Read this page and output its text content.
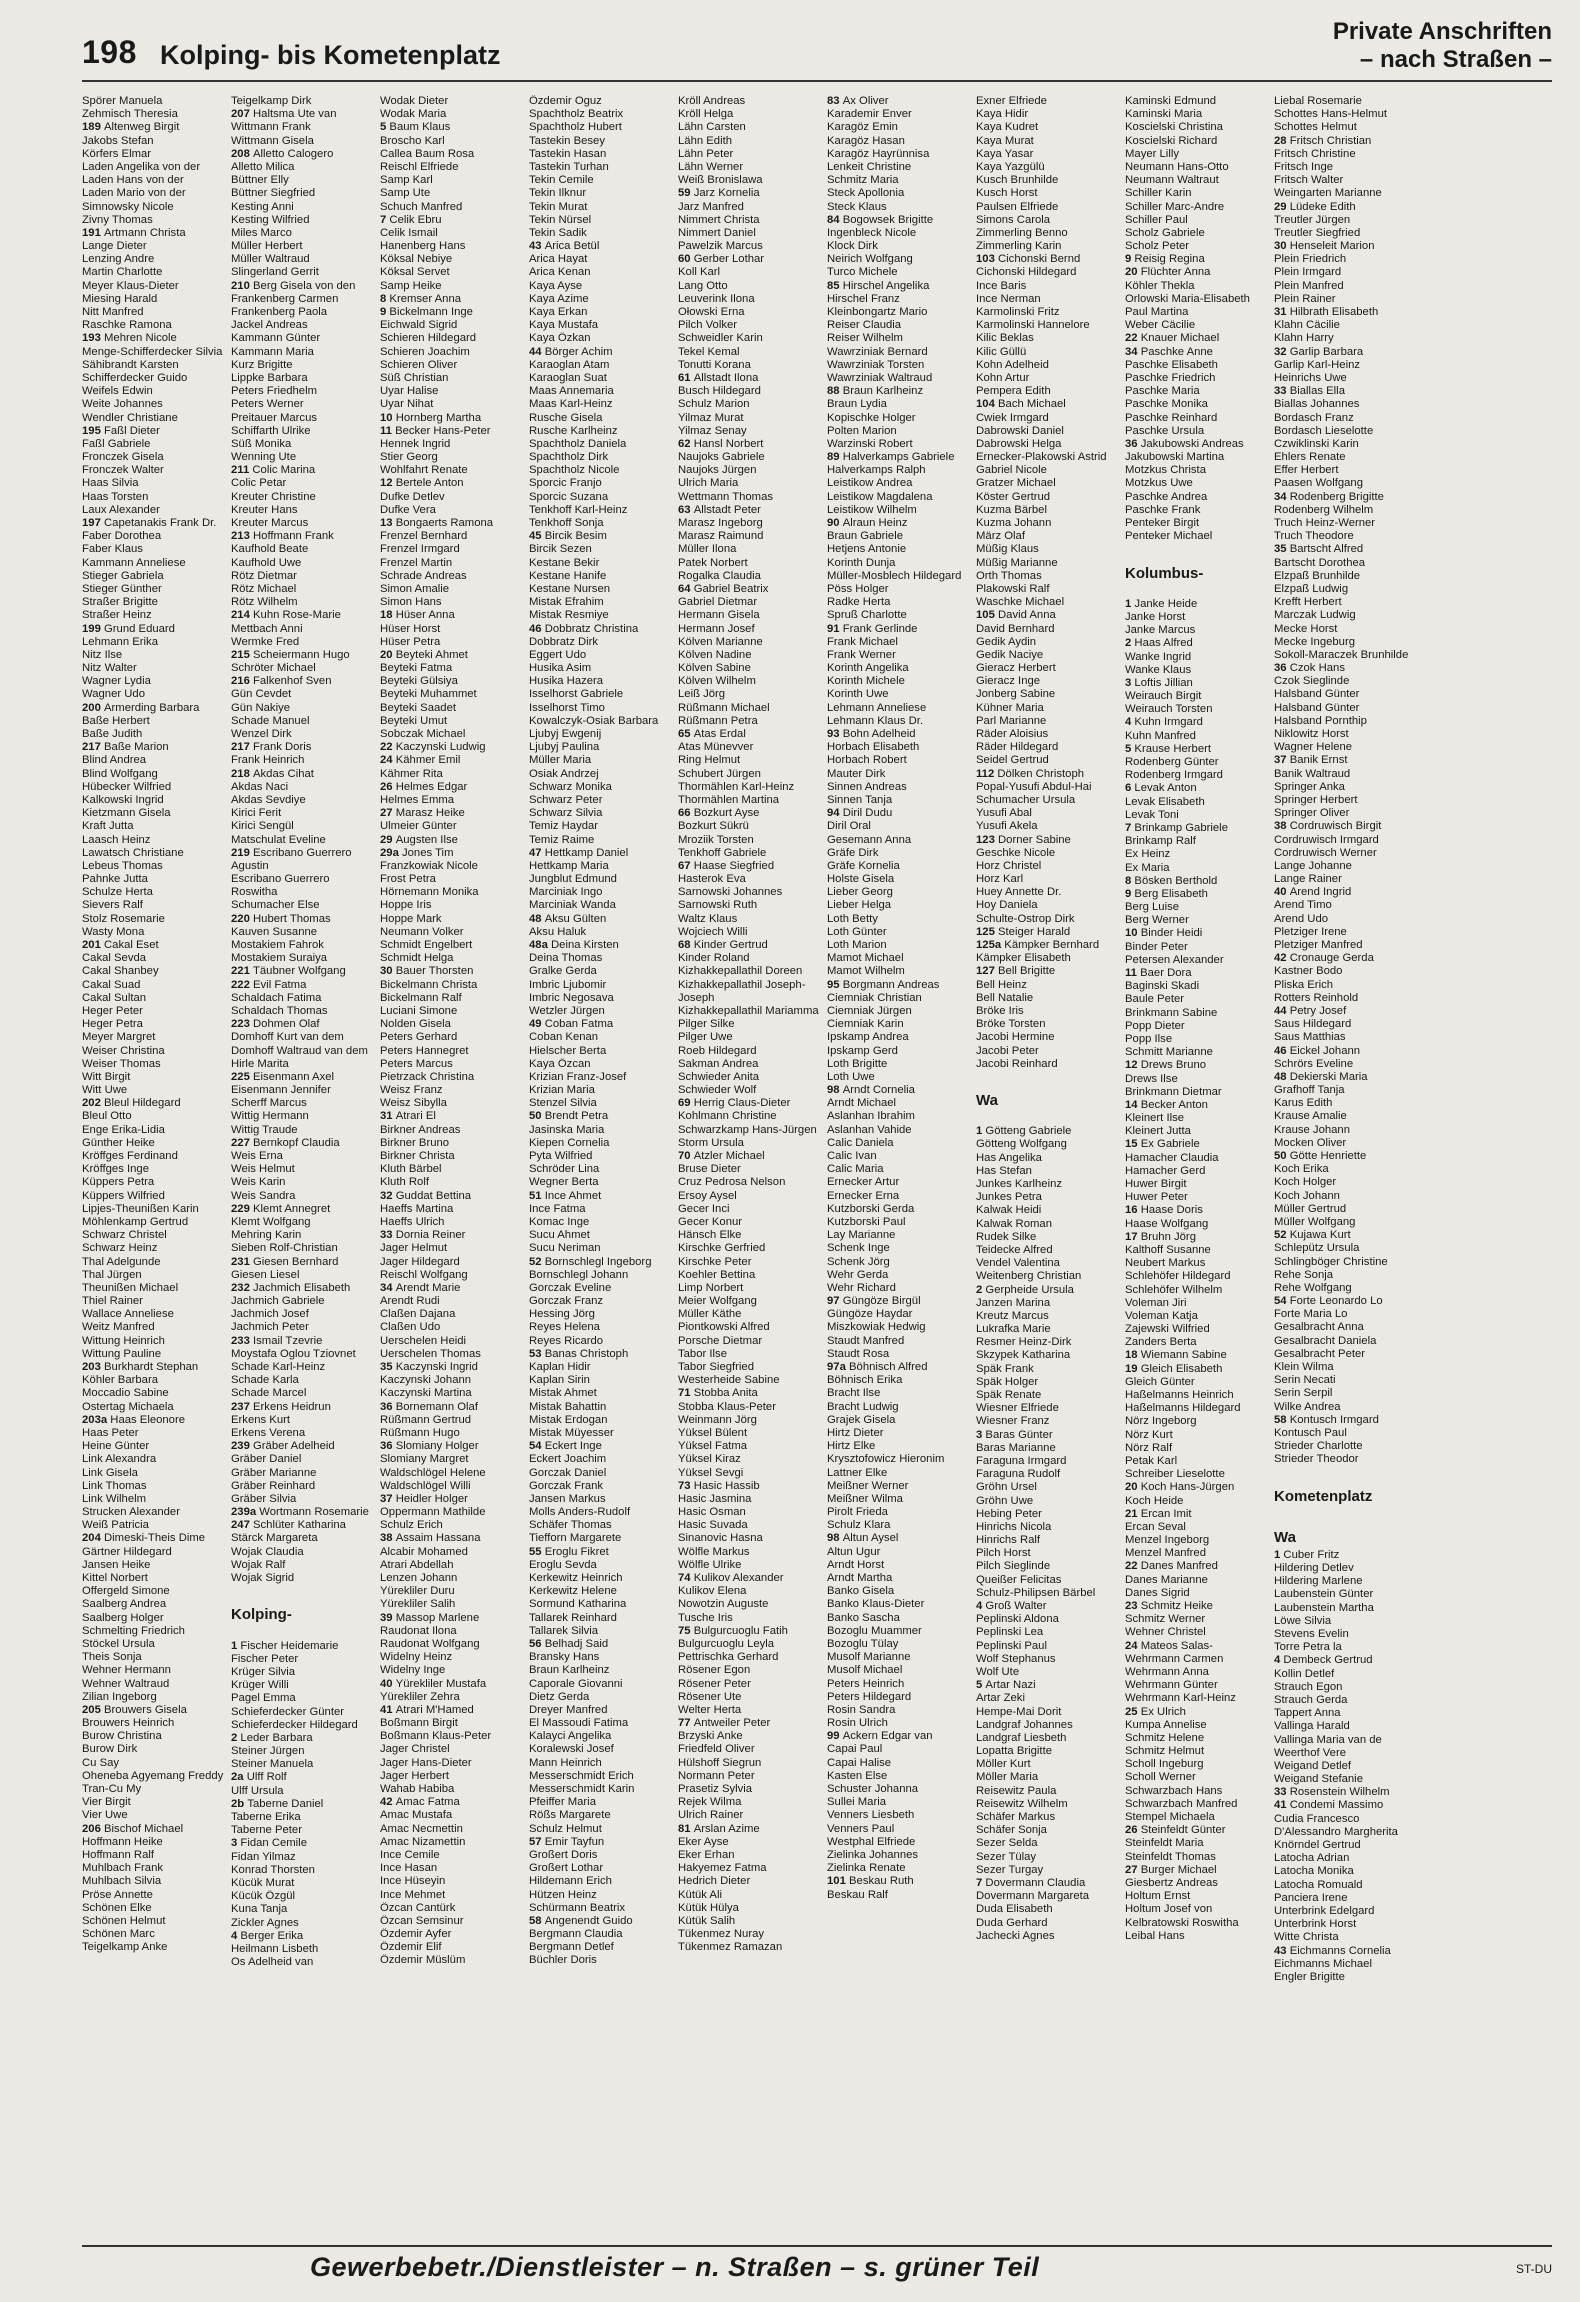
198 Kolping- bis Kometenplatz
Private Anschriften
– nach Straßen –
Spörer Manuela
Zehmisch Theresia
189 Altenweg Birgit
Jakobs Stefan
Körfers Elmar
Laden Angelika von der
Laden Hans von der
Laden Mario von der
Simnowsky Nicole
Zivny Thomas
191 Artmann Christa
Lange Dieter
Lenzing Andre
Martin Charlotte
Meyer Klaus-Dieter
Miesing Harald
Nitt Manfred
Raschke Ramona
193 Mehren Nicole
Menge-Schifferdecker Silvia
Sähibrandt Karsten
Schifferdecker Guido
Weifels Edwin
Weite Johannes
Wendler Christiane
195 Faßl Dieter
Faßl Gabriele
Fronczek Gisela
Fronczek Walter
Haas Silvia
Haas Torsten
Laux Alexander
197 Capetanakis Frank Dr.
Faber Dorothea
Faber Klaus
Kammann Anneliese
Stieger Gabriela
Stieger Günther
Straßer Brigitte
Straßer Heinz
199 Grund Eduard
Lehmann Erika
Nitz Ilse
Nitz Walter
Wagner Lydia
Wagner Udo
200 Armerding Barbara
Baße Herbert
Baße Judith
217 Baße Marion
Blind Andrea
Blind Wolfgang
Hübecker Wilfried
Kalkowski Ingrid
Kietzmann Gisela
Kraft Jutta
Laasch Heinz
Lawatsch Christiane
Lebeus Thomas
Pahnke Jutta
Schulze Herta
Sievers Ralf
Stolz Rosemarie
Wasty Mona
201 Cakal Eset
Cakal Sevda
Cakal Shanbey
Cakal Suad
Cakal Sultan
Heger Peter
Heger Petra
Meyer Margret
Weiser Christina
Weiser Thomas
Witt Birgit
Witt Uwe
202 Bleul Hildegard
Bleul Otto
Enge Erika-Lidia
Günther Heike
Kröffges Ferdinand
Kröffges Inge
Küppers Petra
Küppers Wilfried
Lipjes-Theunißen Karin
Möhlenkamp Gertrud
Schwarz Christel
Schwarz Heinz
Thal Adelgunde
Thal Jürgen
Theunißen Michael
Thiel Rainer
Wallace Anneliese
Weitz Manfred
Wittung Heinrich
Wittung Pauline
203 Burkhardt Stephan
Köhler Barbara
Moccadio Sabine
Ostertag Michaela
203a Haas Eleonore
Haas Peter
Heine Günter
Link Alexandra
Link Gisela
Link Thomas
Link Wilhelm
Strucken Alexander
Weiß Patricia
204 Dimeski-Theis Dime
Gärtner Hildegard
Jansen Heike
Kittel Norbert
Offergeld Simone
Saalberg Andrea
Saalberg Holger
Schmelting Friedrich
Stöckel Ursula
Theis Sonja
Wehner Hermann
Wehner Waltraud
Zilian Ingeborg
205 Brouwers Gisela
Brouwers Heinrich
Burow Christina
Burow Dirk
Cu Say
Oheneba Agyemang Freddy
Tran-Cu My
Vier Birgit
Vier Uwe
206 Bischof Michael
Hoffmann Heike
Hoffmann Ralf
Muhlbach Frank
Muhlbach Silvia
Pröse Annette
Schönen Elke
Schönen Helmut
Schönen Marc
Teigelkamp Anke
Teigelkamp Dirk
207 Haltsma Ute van
Wittmann Frank
Wittmann Gisela
208 Alletto Calogero
Alletto Milica
Büttner Elly
Büttner Siegfried
Kesting Anni
Kesting Wilfried
Miles Marco
Müller Herbert
Müller Waltraud
Slingerland Gerrit
210 Berg Gisela von den
Frankenberg Carmen
Frankenberg Paola
Jackel Andreas
Kammann Günter
Kammann Maria
Kurz Brigitte
Lippke Barbara
Peters Friedhelm
Peters Werner
Preitauer Marcus
Schiffarth Ulrike
Süß Monika
Wenning Ute
211 Colic Marina
Colic Petar
Kreuter Christine
Kreuter Hans
Kreuter Marcus
213 Hoffmann Frank
Kaufhold Beate
Kaufhold Uwe
Rötz Dietmar
Rötz Michael
Rötz Wilhelm
214 Kuhn Rose-Marie
Mettbach Anni
Wermke Fred
215 Scheiermann Hugo
Schröter Michael
216 Falkenhof Sven
Gün Cevdet
Gün Nakiye
Schade Manuel
Wenzel Dirk
217 Frank Doris
Frank Heinrich
218 Akdas Cihat
Akdas Naci
Akdas Sevdiye
Kirici Ferit
Kirici Sengül
Matschulat Eveline
219 Escribano Guerrero
Agustin
Escribano Guerrero
Roswitha
Schumacher Else
220 Hubert Thomas
Kauven Susanne
Mostakiem Fahrok
Mostakiem Suraiya
221 Täubner Wolfgang
222 Evil Fatma
Schaldach Fatima
Schaldach Thomas
223 Dohmen Olaf
Domhoff Kurt van dem
Domhoff Waltraud van dem
Hirle Marita
225 Eisenmann Axel
Eisenmann Jennifer
Scherff Marcus
Wittig Hermann
Wittig Traude
227 Bernkopf Claudia
Weis Erna
Weis Helmut
Weis Karin
Weis Sandra
229 Klemt Annegret
Klemt Wolfgang
Mehring Karin
Sieben Rolf-Christian
231 Giesen Bernhard
Giesen Liesel
232 Jachmich Elisabeth
Jachmich Gabriele
Jachmich Josef
Jachmich Peter
233 Ismail Tzevrie
Moystafa Oglou Tziovnet
Schade Karl-Heinz
Schade Karla
Schade Marcel
237 Erkens Heidrun
Erkens Kurt
Erkens Verena
239 Gräber Adelheid
Gräber Daniel
Gräber Marianne
Gräber Reinhard
Gräber Silvia
239a Wortmann Rosemarie
247 Schlüter Katharina
Stärck Margareta
Wojak Claudia
Wojak Ralf
Wojak Sigrid
Kolping-
1 Fischer Heidemarie
Fischer Peter
Krüger Silvia
Krüger Willi
Pagel Emma
Schieferdecker Günter
Schieferdecker Hildegard
2 Leder Barbara
Steiner Jürgen
Steiner Manuela
2a Ulff Rolf
Ulff Ursula
2b Taberne Daniel
Taberne Erika
Taberne Peter
3 Fidan Cemile
Fidan Yilmaz
Konrad Thorsten
Kücük Murat
Kücük Özgül
Kuna Tanja
Zickler Agnes
4 Berger Erika
Heilmann Lisbeth
Os Adelheid van
Wodak Dieter
Wodak Maria
5 Baum Klaus
Broscho Karl
Callea Baum Rosa
Reischl Elfriede
Samp Karl
Samp Ute
Schuch Manfred
7 Celik Ebru
Celik Ismail
Hanenberg Hans
Köksal Nebiye
Köksal Servet
Samp Heike
8 Kremser Anna
9 Bickelmann Inge
Eichwald Sigrid
Schieren Hildegard
Schieren Joachim
Schieren Oliver
Süß Christian
Uyar Halise
Uyar Nihat
10 Hornberg Martha
11 Becker Hans-Peter
Hennek Ingrid
Stier Georg
Wohlfahrt Renate
12 Bertele Anton
Dufke Detlev
Dufke Vera
13 Bongaerts Ramona
Frenzel Bernhard
Frenzel Irmgard
Frenzel Martin
Schrade Andreas
Simon Amalie
Simon Hans
18 Hüser Anna
Hüser Horst
Hüser Petra
20 Beyteki Ahmet
Beyteki Fatma
Beyteki Gülsiya
Beyteki Muhammet
Beyteki Saadet
Beyteki Umut
Sobczak Michael
22 Kaczynski Ludwig
24 Kähmer Emil
Kähmer Rita
26 Helmes Edgar
Helmes Emma
27 Marasz Heike
Ulmeier Günter
29 Augsten Ilse
29a Jones Tim
Franzkowiak Nicole
Frost Petra
Hörnemann Monika
Hoppe Iris
Hoppe Mark
Neumann Volker
Schmidt Engelbert
Schmidt Helga
30 Bauer Thorsten
Bickelmann Christa
Bickelmann Ralf
Luciani Simone
Nolden Gisela
Peters Gerhard
Peters Hannegret
Peters Marcus
Pietrzack Christina
Weisz Franz
Weisz Sibylla
31 Atrari El
Birkner Andreas
Birkner Bruno
Birkner Christa
Kluth Bärbel
Kluth Rolf
32 Guddat Bettina
Haeffs Martina
Haeffs Ulrich
33 Dornia Reiner
Jager Helmut
Jager Hildegard
Reischl Wolfgang
34 Arendt Marie
Arendt Rudi
Claßen Dajana
Claßen Udo
Uerschelen Heidi
Uerschelen Thomas
35 Kaczynski Ingrid
Kaczynski Johann
Kaczynski Martina
36 Bornemann Olaf
Rüßmann Gertrud
Rüßmann Hugo
36 Slomiany Holger
Slomiany Margret
Waldschlögel Helene
Waldschlögel Willi
37 Heidler Holger
Oppermann Mathilde
Schulz Erich
38 Assaim Hassana
Alcabir Mohamed
Atrari Abdellah
Lenzen Johann
Yürekliler Duru
Yürekliler Salih
39 Massop Marlene
Raudonat Ilona
Raudonat Wolfgang
Widelny Heinz
Widelny Inge
40 Yürekliler Mustafa
Yürekliler Zehra
41 Atrari M'Hamed
Boßmann Birgit
Boßmann Klaus-Peter
Jager Christel
Jager Hans-Dieter
Jager Herbert
Wahab Habiba
42 Amac Fatma
Amac Mustafa
Amac Necmettin
Amac Nizamettin
Ince Cemile
Ince Hasan
Ince Hüseyin
Ince Mehmet
Özcan Cantürk
Özcan Semsinur
Özdemir Ayfer
Özdemir Elif
Özdemir Müslüm
Özdemir Oguz
Spachtholz Beatrix
Spachtholz Hubert
Tastekin Besey
Tastekin Hasan
Tastekin Turhan
Tekin Cemile
Tekin Ilknur
Tekin Murat
Tekin Nürsel
Tekin Sadik
43 Arica Betül
Arica Hayat
Arica Kenan
Kaya Ayse
Kaya Azime
Kaya Erkan
Kaya Mustafa
Kaya Özkan
44 Börger Achim
Karaoglan Atam
Karaoglan Suat
Maas Annemaria
Maas Karl-Heinz
Rusche Gisela
Rusche Karlheinz
Spachtholz Daniela
Spachtholz Dirk
Spachtholz Nicole
Sporcic Franjo
Sporcic Suzana
Tenkhoff Karl-Heinz
Tenkhoff Sonja
45 Bircik Besim
Bircik Sezen
Kestane Bekir
Kestane Hanife
Kestane Nursen
Mistak Efrahim
Mistak Resmiye
46 Dobbratz Christina
Dobbratz Dirk
Eggert Udo
Husika Asim
Husika Hazera
Isselhorst Gabriele
Isselhorst Timo
Kowalczyk-Osiak Barbara
Ljubyj Ewgenij
Ljubyj Paulina
Müller Maria
Osiak Andrzej
Schwarz Monika
Schwarz Peter
Schwarz Silvia
Temiz Haydar
Temiz Raime
47 Hettkamp Daniel
Hettkamp Maria
Jungblut Edmund
Marciniak Ingo
Marciniak Wanda
48 Aksu Gülten
Aksu Haluk
48a Deina Kirsten
Deina Thomas
Gralke Gerda
Imbric Ljubomir
Imbric Negosava
Wetzler Jürgen
49 Coban Fatma
Coban Kenan
Hielscher Berta
Kaya Özcan
Krizian Franz-Josef
Krizian Maria
Stenzel Silvia
50 Brendt Petra
Jasinska Maria
Kiepen Cornelia
Pyta Wilfried
Schröder Lina
Wegner Berta
51 Ince Ahmet
Ince Fatma
Komac Inge
Sucu Ahmet
Sucu Neriman
52 Bornschlegl Ingeborg
Bornschlegl Johann
Gorczak Eveline
Gorczak Franz
Hessing Jörg
Reyes Helena
Reyes Ricardo
53 Banas Christoph
Kaplan Hidir
Kaplan Sirin
Mistak Ahmet
Mistak Bahattin
Mistak Erdogan
Mistak Müyesser
54 Eckert Inge
Eckert Joachim
Gorczak Daniel
Gorczak Frank
Jansen Markus
Molls Anders-Rudolf
Schäfer Thomas
Tiefforn Margarete
55 Eroglu Fikret
Eroglu Sevda
Kerkewitz Heinrich
Kerkewitz Helene
Sormund Katharina
Tallarek Reinhard
Tallarek Silvia
56 Belhadj Said
Bransky Hans
Braun Karlheinz
Caporale Giovanni
Dietz Gerda
Dreyer Manfred
El Massoudi Fatima
Kalayci Angelika
Koralewski Josef
Mann Heinrich
Messerschmidt Erich
Messerschmidt Karin
Pfeiffer Maria
Rößs Margarete
Schulz Helmut
57 Emir Tayfun
Großert Doris
Großert Lothar
Hildemann Erich
Hützen Heinz
Schürmann Beatrix
58 Angenendt Guido
Bergmann Claudia
Bergmann Detlef
Büchler Doris
Kröll Andreas
Kröll Helga
Lähn Carsten
Lähn Edith
Lähn Peter
Lähn Werner
Weiß Bronislawa
59 Jarz Kornelia
Jarz Manfred
Nimmert Christa
Nimmert Daniel
Pawelzik Marcus
60 Gerber Lothar
Koll Karl
Lang Otto
Leuverink Ilona
Ołowski Erna
Pilch Volker
Schweidler Karin
Tekel Kemal
Tonutti Korana
61 Allstadt Ilona
Busch Hildegard
Schulz Marion
Yilmaz Murat
Yilmaz Senay
62 Hansl Norbert
Naujoks Gabriele
Naujoks Jürgen
Ulrich Maria
Wettmann Thomas
63 Allstadt Peter
Marasz Ingeborg
Marasz Raimund
Müller Ilona
Patek Norbert
Rogalka Claudia
64 Gabriel Beatrix
Gabriel Dietmar
Hermann Gisela
Hermann Josef
Kölven Marianne
Kölven Nadine
Kölven Sabine
Kölven Wilhelm
Leiß Jörg
Rüßmann Michael
Rüßmann Petra
65 Atas Erdal
Atas Münevver
Ring Helmut
Schubert Jürgen
Thormählen Karl-Heinz
Thormählen Martina
66 Bozkurt Ayse
Bozkurt Sükrü
Mroziik Torsten
Tenkhoff Gabriele
67 Haase Siegfried
Hasterok Eva
Sarnowski Johannes
Sarnowski Ruth
Waltz Klaus
Wojciech Willi
68 Kinder Gertrud
Kinder Roland
Kizhakkepallathil Doreen
Kizhakkepallathil Joseph-
Joseph
Kizhakkepallathil Mariamma
Pilger Silke
Pilger Uwe
Roeb Hildegard
Sakman Andrea
Schwieder Anita
Schwieder Wolf
69 Herrig Claus-Dieter
Kohlmann Christine
Schwarzkamp Hans-Jürgen
Storm Ursula
70 Atzler Michael
Bruse Dieter
Cruz Pedrosa Nelson
Ersoy Aysel
Gecer Inci
Gecer Konur
Hänsch Elke
Kirschke Gerfried
Kirschke Peter
Koehler Bettina
Limp Norbert
Meier Wolfgang
Müller Käthe
Piontkowski Alfred
Porsche Dietmar
Tabor Ilse
Tabor Siegfried
Westerheide Sabine
71 Stobba Anita
Stobba Klaus-Peter
Weinmann Jörg
Yüksel Bülent
Yüksel Fatma
Yüksel Kiraz
Yüksel Sevgi
73 Hasic Hassib
Hasic Jasmina
Hasic Osman
Hasic Suvada
Sinanovic Hasna
Wölfle Markus
Wölfle Ulrike
74 Kulikov Alexander
Kulikov Elena
Nowotzin Auguste
Tusche Iris
75 Bulgurcuoglu Fatih
Bulgurcuoglu Leyla
Pettrischka Gerhard
Rösener Egon
Rösener Peter
Rösener Ute
Welter Herta
77 Antweiler Peter
Brzyski Anke
Friedfeld Oliver
Hülshoff Siegrun
Normann Peter
Prasetiz Sylvia
Rejek Wilma
Ulrich Rainer
81 Arslan Azime
Eker Ayse
Eker Erhan
Hakyemez Fatma
Hedrich Dieter
Kütük Ali
Kütük Hülya
Kütük Salih
Tükenmez Nuray
Tükenmez Ramazan
83 Ax Oliver
Karademir Enver
Karagöz Emin
Karagöz Hasan
Karagöz Hayrünnisa
Lenkeit Christine
Schmitz Maria
Steck Apollonia
Steck Klaus
84 Bogowsek Brigitte
Ingenbleck Nicole
Klock Dirk
Neirich Wolfgang
Turco Michele
85 Hirschel Angelika
Hirschel Franz
Kleinbongartz Mario
Reiser Claudia
Reiser Wilhelm
Wawrziniak Bernard
Wawrziniak Torsten
Wawrziniak Waltraud
88 Braun Karlheinz
Braun Lydia
Kopischke Holger
Polten Marion
Warzinski Robert
89 Halverkamps Gabriele
Halverkamps Ralph
Leistikow Andrea
Leistikow Magdalena
Leistikow Wilhelm
90 Alraun Heinz
Braun Gabriele
Hetjens Antonie
Korinth Dunja
Müller-Mosblech Hildegard
Pöss Holger
Radke Herta
Spruß Charlotte
91 Frank Gerlinde
Frank Michael
Frank Werner
Korinth Angelika
Korinth Michele
Korinth Uwe
Lehmann Anneliese
Lehmann Klaus Dr.
93 Bohn Adelheid
Horbach Elisabeth
Horbach Robert
Mauter Dirk
Sinnen Andreas
Sinnen Tanja
94 Diril Dudu
Diril Oral
Gesemann Anna
Gräfe Dirk
Gräfe Kornelia
Holste Gisela
Lieber Georg
Lieber Helga
Loth Betty
Loth Günter
Loth Marion
Mamot Michael
Mamot Wilhelm
95 Borgmann Andreas
Ciemniak Christian
Ciemniak Jürgen
Ciemniak Karin
Ipskamp Andrea
Ipskamp Gerd
Loth Brigitte
Loth Uwe
98 Arndt Cornelia
Arndt Michael
Aslanhan Ibrahim
Aslanhan Vahide
Calic Daniela
Calic Ivan
Calic Maria
Ernecker Artur
Ernecker Erna
Kutzborski Gerda
Kutzborski Paul
Lay Marianne
Schenk Inge
Schenk Jörg
Wehr Gerda
Wehr Richard
97 Güngöze Birgül
Güngöze Haydar
Miszkowiak Hedwig
Staudt Manfred
Staudt Rosa
97a Böhnisch Alfred
Böhnisch Erika
Bracht Ilse
Bracht Ludwig
Grajek Gisela
Hirtz Dieter
Hirtz Elke
Krysztofowicz Hieronim
Lattner Elke
Meißner Werner
Meißner Wilma
Pirolt Frieda
Schulz Klara
98 Altun Aysel
Altun Ugur
Arndt Horst
Arndt Martha
Banko Gisela
Banko Klaus-Dieter
Banko Sascha
Bozoglu Muammer
Bozoglu Tülay
Musolf Marianne
Musolf Michael
Peters Heinrich
Peters Hildegard
Rosin Sandra
Rosin Ulrich
99 Ackern Edgar van
Capai Paul
Capai Halise
Kasten Else
Schuster Johanna
Sullei Maria
Venners Liesbeth
Venners Paul
Westphal Elfriede
Zielinka Johannes
Zielinka Renate
101 Beskau Ruth
Beskau Ralf
Exner Elfriede
Kaya Hidir
Kaya Kudret
Kaya Murat
Kaya Yasar
Kaya Yazgülü
Kusch Brunhilde
Kusch Horst
Paulsen Elfriede
Simons Carola
Zimmerling Benno
Zimmerling Karin
103 Cichonski Bernd
Cichonski Hildegard
Ince Baris
Ince Nerman
Karmolinski Fritz
Karmolinski Hannelore
Kilic Beklas
Kilic Güllü
Kohn Adelheid
Kohn Artur
Pempera Edith
104 Bach Michael
Cwiek Irmgard
Dabrowski Daniel
Dabrowski Helga
Ernecker-Plakowski Astrid
Gabriel Nicole
Gratzer Michael
Köster Gertrud
Kuzma Bärbel
Kuzma Johann
März Olaf
Müßig Klaus
Müßig Marianne
Orth Thomas
Plakowski Ralf
Waschke Michael
105 David Anna
David Bernhard
Gedik Aydin
Gedik Naciye
Gieracz Herbert
Gieracz Inge
Jonberg Sabine
Kühner Maria
Parl Marianne
Räder Aloisius
Räder Hildegard
Seidel Gertrud
112 Dölken Christoph
Popal-Yusufi Abdul-Hai
Schumacher Ursula
Yusufi Abal
Yusufi Akela
123 Dorner Sabine
Geschke Nicole
Horz Christel
Horz Karl
Huey Annette Dr.
Hoy Daniela
Schulte-Ostrop Dirk
125 Steiger Harald
125a Kämpker Bernhard
Kämpker Elisabeth
127 Bell Brigitte
Bell Heinz
Bell Natalie
Bröke Iris
Bröke Torsten
Jacobi Hermine
Jacobi Peter
Jacobi Reinhard
Wa
1 Götteng Gabriele
Götteng Wolfgang
Has Angelika
Has Stefan
Junkes Karlheinz
Junkes Petra
Kalwak Heidi
Kalwak Roman
Rudek Silke
Teidecke Alfred
Vendel Valentina
Weitenberg Christian
2 Gerpheide Ursula
Janzen Marina
Kreutz Marcus
Lukrafka Marie
Resmer Heinz-Dirk
Skzypek Katharina
Späk Frank
Späk Holger
Späk Renate
Wiesner Elfriede
Wiesner Franz
3 Baras Günter
Baras Marianne
Faraguna Irmgard
Faraguna Rudolf
Gröhn Ursel
Gröhn Uwe
Hebing Peter
Hinrichs Nicola
Hinrichs Ralf
Pilch Horst
Pilch Sieglinde
Queißer Felicitas
Schulz-Philipsen Bärbel
4 Groß Walter
Peplinski Aldona
Peplinski Lea
Peplinski Paul
Wolf Stephanus
Wolf Ute
5 Artar Nazi
Artar Zeki
Hempe-Mai Dorit
Landgraf Johannes
Landgraf Liesbeth
Lopatta Brigitte
Möller Kurt
Möller Maria
Reisewitz Paula
Reisewitz Wilhelm
Schäfer Markus
Schäfer Sonja
Sezer Selda
Sezer Tülay
Sezer Turgay
7 Dovermann Claudia
Dovermann Margareta
Duda Elisabeth
Duda Gerhard
Jachecki Agnes
Kaminski Edmund
Kaminski Maria
Koscielski Christina
Koscielski Richard
Mayer Lilly
Neumann Hans-Otto
Neumann Waltraut
Schiller Karin
Schiller Marc-Andre
Schiller Paul
Scholz Gabriele
Scholz Peter
9 Reisig Regina
20 Flüchter Anna
Köhler Thekla
Orlowski Maria-Elisabeth
Paul Martina
Weber Cäcilie
22 Knauer Michael
34 Paschke Anne
Paschke Elisabeth
Paschke Friedrich
Paschke Maria
Paschke Monika
Paschke Reinhard
Paschke Ursula
36 Jakubowski Andreas
Jakubowski Martina
Motzkus Christa
Motzkus Uwe
Paschke Andrea
Paschke Frank
Penteker Birgit
Penteker Michael
Kolumbus-
1 Janke Heide
Janke Horst
Janke Marcus
2 Haas Alfred
Wanke Ingrid
Wanke Klaus
3 Loftis Jillian
Weirauch Birgit
Weirauch Torsten
4 Kuhn Irmgard
Kuhn Manfred
5 Krause Herbert
Rodenberg Günter
Rodenberg Irmgard
6 Levak Anton
Levak Elisabeth
Levak Toni
7 Brinkamp Gabriele
Brinkamp Ralf
Ex Heinz
Ex Maria
8 Bösken Berthold
9 Berg Elisabeth
Berg Luise
Berg Werner
10 Binder Heidi
Binder Peter
Petersen Alexander
11 Baer Dora
Baginski Skadi
Baule Peter
Brinkmann Sabine
Popp Dieter
Popp Ilse
Schmitt Marianne
12 Drews Bruno
Drews Ilse
Brinkmann Dietmar
14 Becker Anton
Kleinert Ilse
Kleinert Jutta
15 Ex Gabriele
Hamacher Claudia
Hamacher Gerd
Huwer Birgit
Huwer Peter
16 Haase Doris
Haase Wolfgang
17 Bruhn Jörg
Kalthoff Susanne
Neubert Markus
Schlehöfer Hildegard
Schlehöfer Wilhelm
Voleman Jiri
Voleman Katja
Zajewski Wilfried
Zanders Berta
18 Wiemann Sabine
19 Gleich Elisabeth
Gleich Günter
Haßelmanns Heinrich
Haßelmanns Hildegard
Nörz Ingeborg
Nörz Kurt
Nörz Ralf
Petak Karl
Schreiber Lieselotte
20 Koch Hans-Jürgen
Koch Heide
21 Ercan Imit
Ercan Seval
Menzel Ingeborg
Menzel Manfred
22 Danes Manfred
Danes Marianne
Danes Sigrid
23 Schmitz Heike
Schmitz Werner
Wehner Christel
24 Mateos Salas-
Wehrmann Carmen
Wehrmann Anna
Wehrmann Günter
Wehrmann Karl-Heinz
25 Ex Ulrich
Kumpa Annelise
Schmitz Helene
Schmitz Helmut
Scholl Ingeburg
Scholl Werner
Schwarzbach Hans
Schwarzbach Manfred
Stempel Michaela
26 Steinfeldt Günter
Steinfeldt Maria
Steinfeldt Thomas
27 Burger Michael
Giesbertz Andreas
Holtum Ernst
Holtum Josef von
Kelbratowski Roswitha
Leibal Hans
Liebal Rosemarie
Schottes Hans-Helmut
Schottes Helmut
28 Fritsch Christian
Fritsch Christine
Fritsch Inge
Fritsch Walter
Weingarten Marianne
29 Lüdeke Edith
Treutler Jürgen
Treutler Siegfried
30 Henseleit Marion
Plein Friedrich
Plein Irmgard
Plein Manfred
Plein Rainer
31 Hilbrath Elisabeth
Klahn Cäcilie
Klahn Harry
32 Garlip Barbara
Garlip Karl-Heinz
Heinrichs Uwe
33 Biallas Ella
Biallas Johannes
Bordasch Franz
Bordasch Lieselotte
Czwiklinski Karin
Ehlers Renate
Effer Herbert
Paasen Wolfgang
34 Rodenberg Brigitte
Rodenberg Wilhelm
Truch Heinz-Werner
Truch Theodore
35 Bartscht Alfred
Bartscht Dorothea
Elzpaß Brunhilde
Elzpaß Ludwig
Krefft Herbert
Marczak Ludwig
Mecke Horst
Mecke Ingeburg
Sokoll-Maraczek Brunhilde
36 Czok Hans
Czok Sieglinde
Halsband Günter
Halsband Günter
Halsband Pornthip
Niklowitz Horst
Wagner Helene
37 Banik Ernst
Banik Waltraud
Springer Anka
Springer Herbert
Springer Oliver
38 Cordruwisch Birgit
Cordruwisch Irmgard
Cordruwisch Werner
Lange Johanne
Lange Rainer
40 Arend Ingrid
Arend Timo
Arend Udo
Pletziger Irene
Pletziger Manfred
42 Cronauge Gerda
Kastner Bodo
Pliska Erich
Rotters Reinhold
44 Petry Josef
Saus Hildegard
Saus Matthias
46 Eickel Johann
Schrörs Eveline
48 Dekierski Maria
Grafhoff Tanja
Karus Edith
Krause Amalie
Krause Johann
Mocken Oliver
50 Götte Henriette
Koch Erika
Koch Holger
Koch Johann
Müller Gertrud
Müller Wolfgang
52 Kujawa Kurt
Schlepütz Ursula
Schlingböger Christine
Rehe Sonja
Rehe Wolfgang
54 Forte Leonardo Lo
Forte Maria Lo
Gesalbracht Anna
Gesalbracht Daniela
Gesalbracht Peter
Klein Wilma
Serin Necati
Serin Serpil
Wilke Andrea
58 Kontusch Irmgard
Kontusch Paul
Strieder Charlotte
Strieder Theodor
Kometenplatz
Wa
1 Cuber Fritz
Hildering Detlev
Hildering Marlene
Laubenstein Günter
Laubenstein Martha
Löwe Silvia
Stevens Evelin
Torre Petra la
4 Dembeck Gertrud
Kollin Detlef
Strauch Egon
Strauch Gerda
Tappert Anna
Vallinga Harald
Vallinga Maria van de
Weerthof Vere
Weigand Detlef
Weigand Stefanie
33 Rosenstein Wilhelm
41 Condemi Massimo
Cudia Francesco
D'Alessandro Margherita
Knörndel Gertrud
Latocha Adrian
Latocha Monika
Latocha Romuald
Panciera Irene
Unterbrink Edelgard
Unterbrink Horst
Witte Christa
43 Eichmanns Cornelia
Eichmanns Michael
Engler Brigitte
Gewerbebetr./Dienstleister – n. Straßen – s. grüner Teil	ST-DU
